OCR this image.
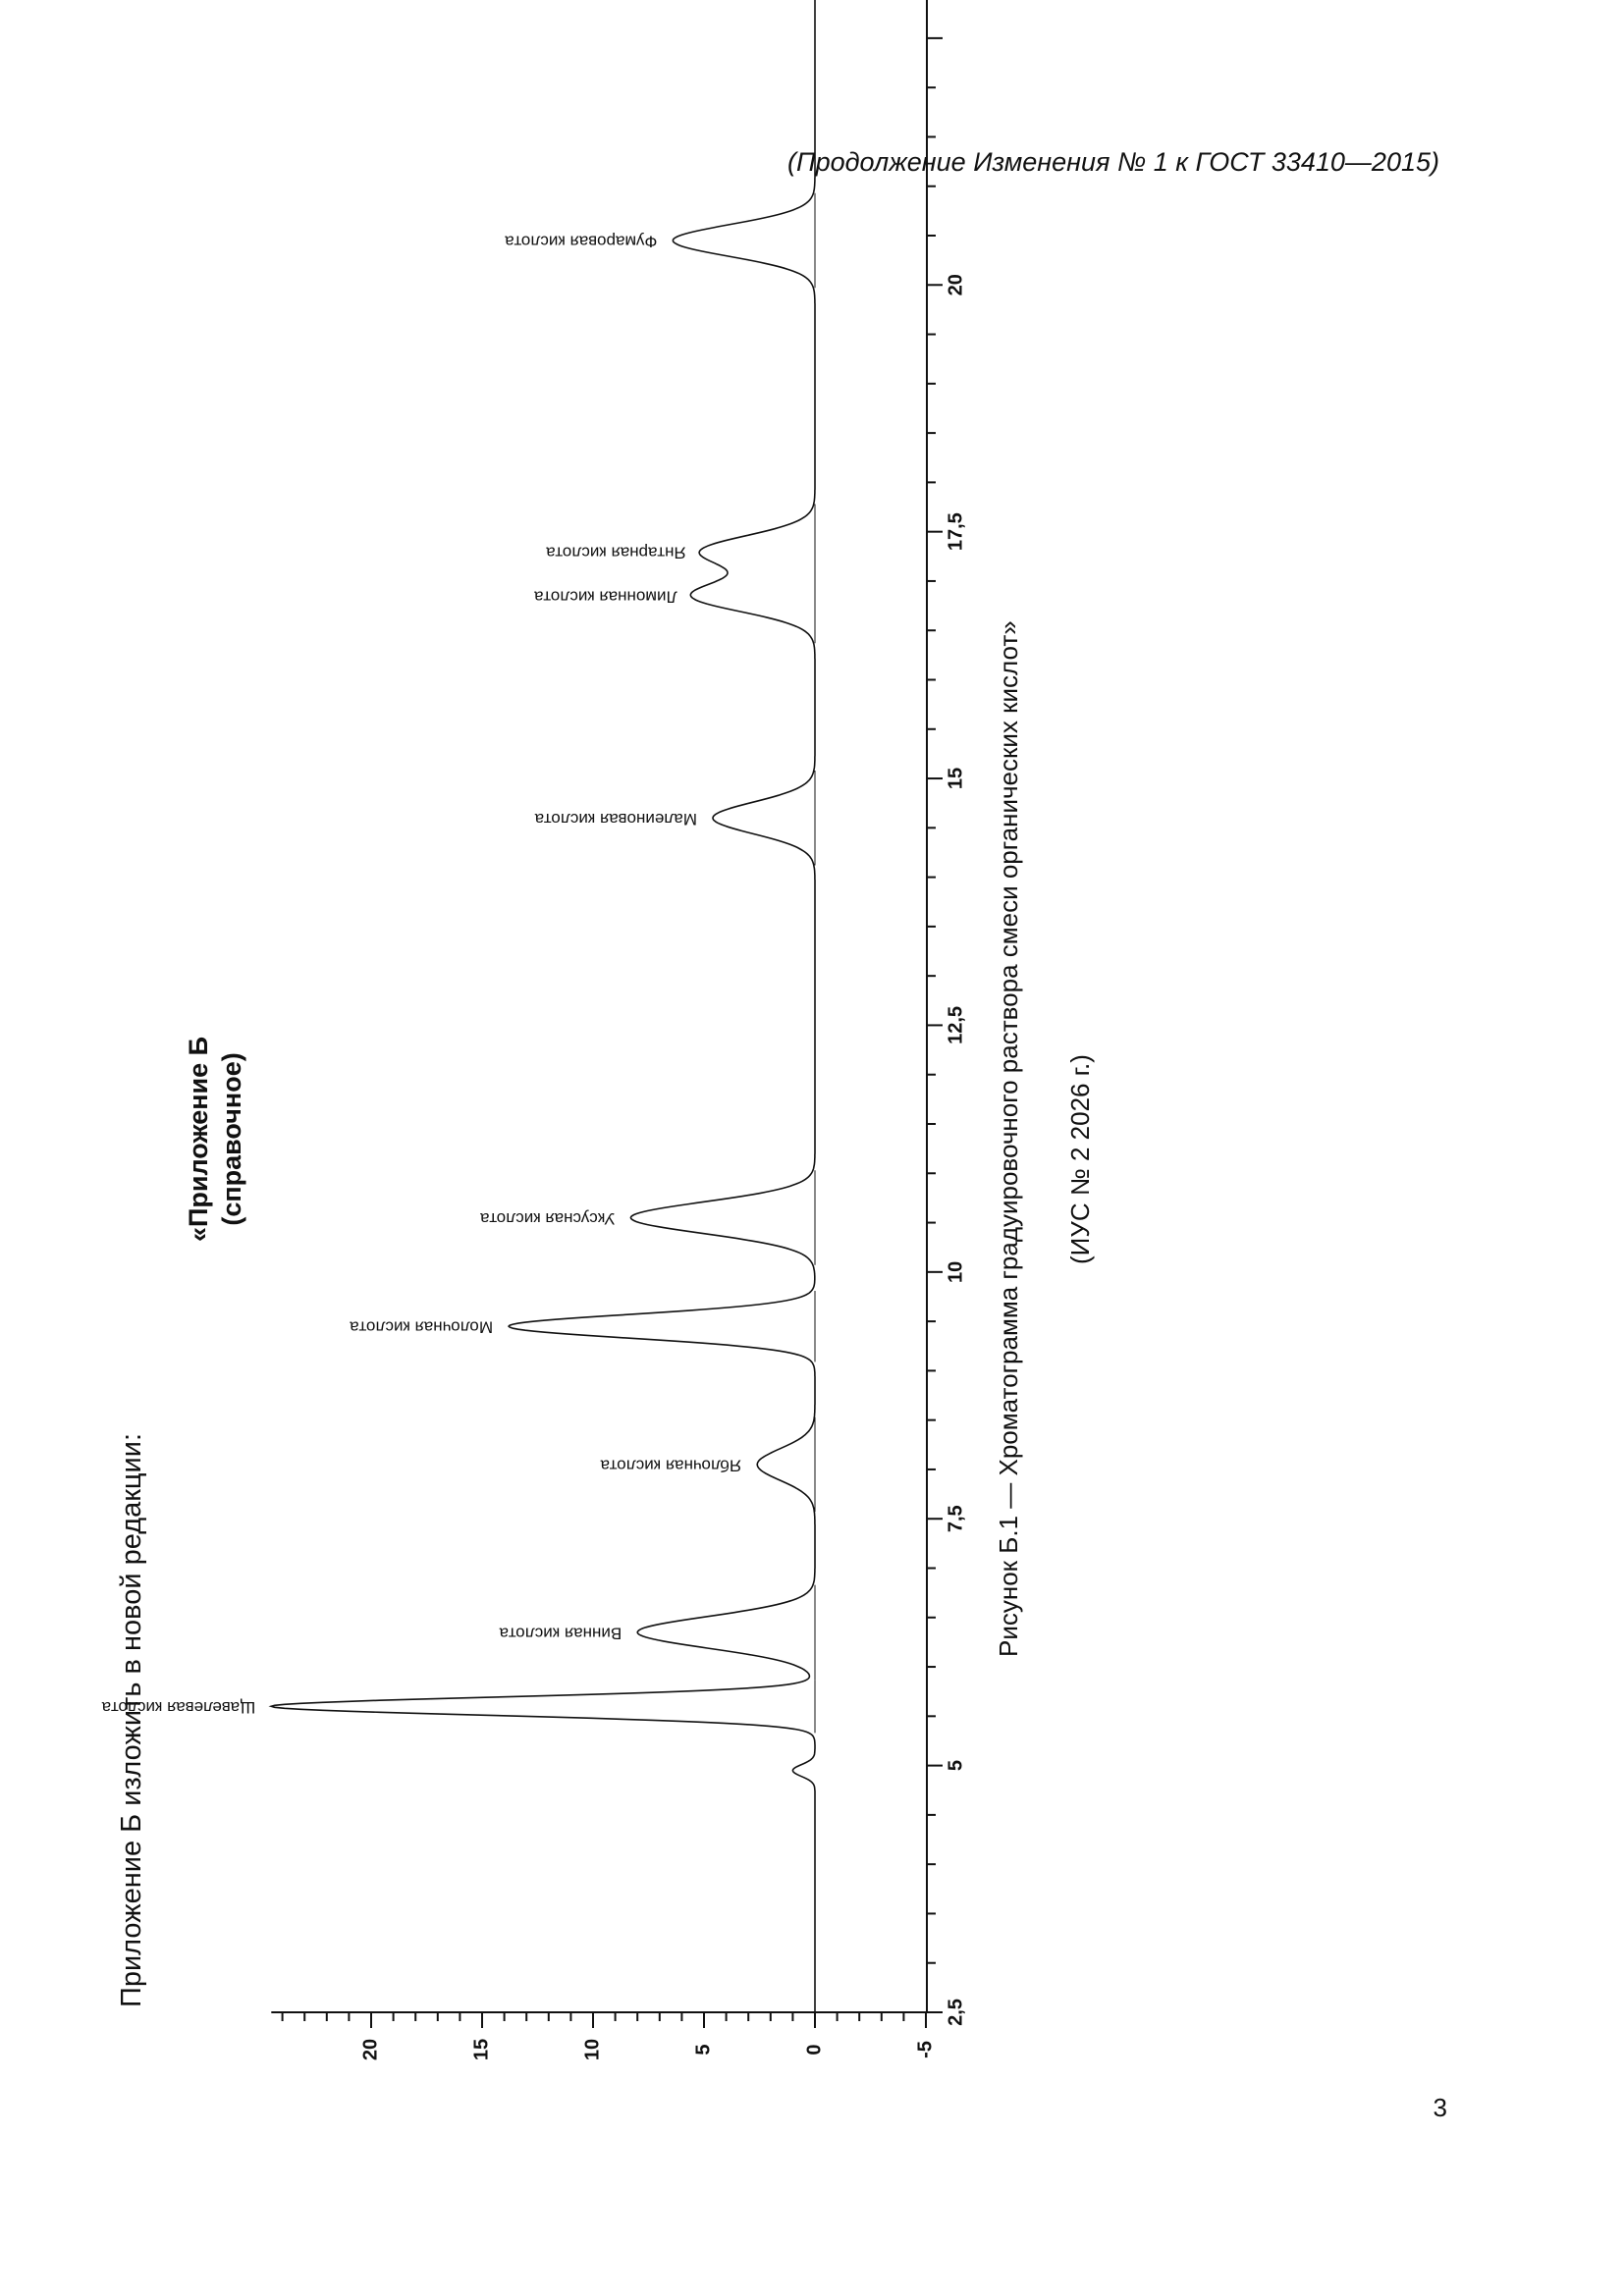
(Продолжение Изменения № 1 к ГОСТ 33410—2015)
Приложение Б изложить в новой редакции:
«Приложение Б (справочное)	Рисунок Б.1 — Хроматограмма градуировочного раствора смеси органических кислот» (ИУС № 2 2026 г.)
3
2,5
5
7,5
10
12,5
15
17,5
20
-5
0
5
10
15
20
Щавелевая кислота
Винная кислота
Яблочная кислота
Молочная кислота
Уксусная кислота
Малеиновая кислота
Лимонная кислота
Янтарная кислота
Фумаровая кислота
